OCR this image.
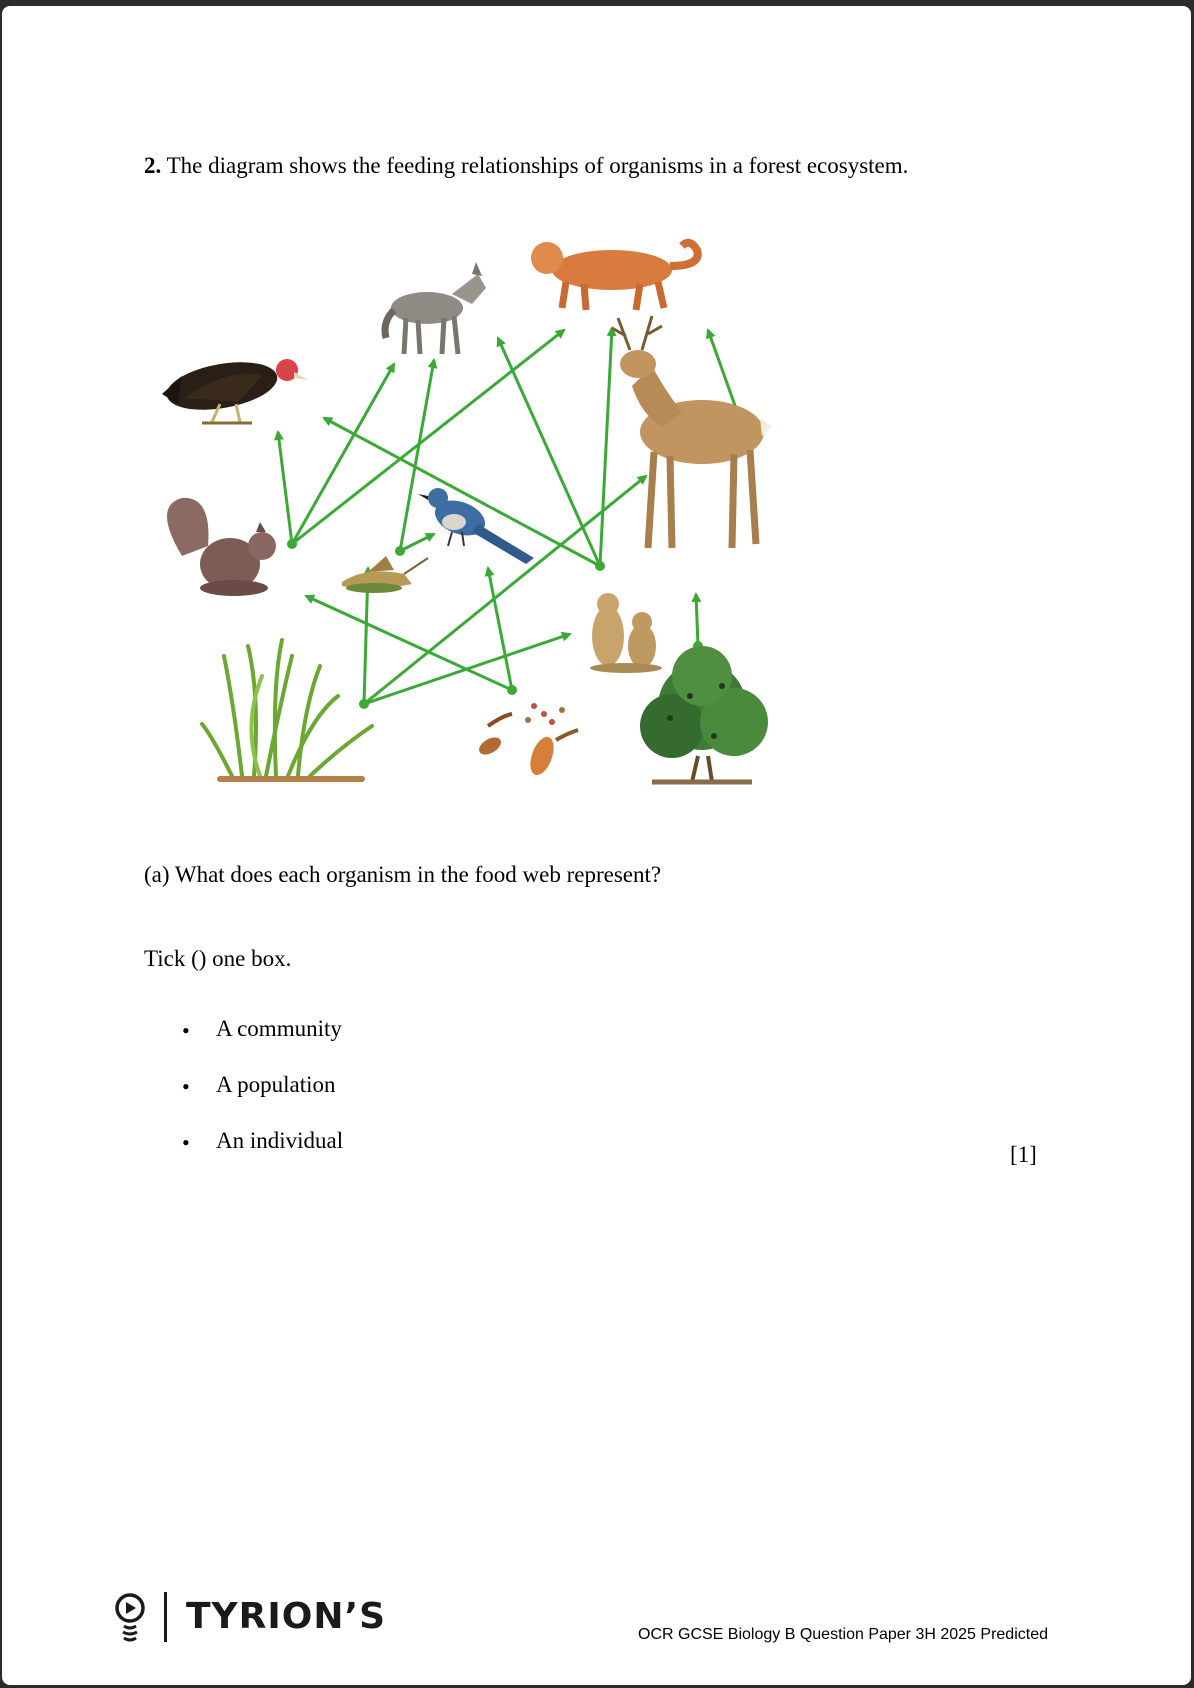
2. The diagram shows the feeding relationships of organisms in a forest ecosystem.
(a) What does each organism in the food web represent?
Tick () one box.
• A community
• A population
• An individual
[1]
TYRION’S	OCR GCSE Biology B Question Paper 3H 2025 Predicted
